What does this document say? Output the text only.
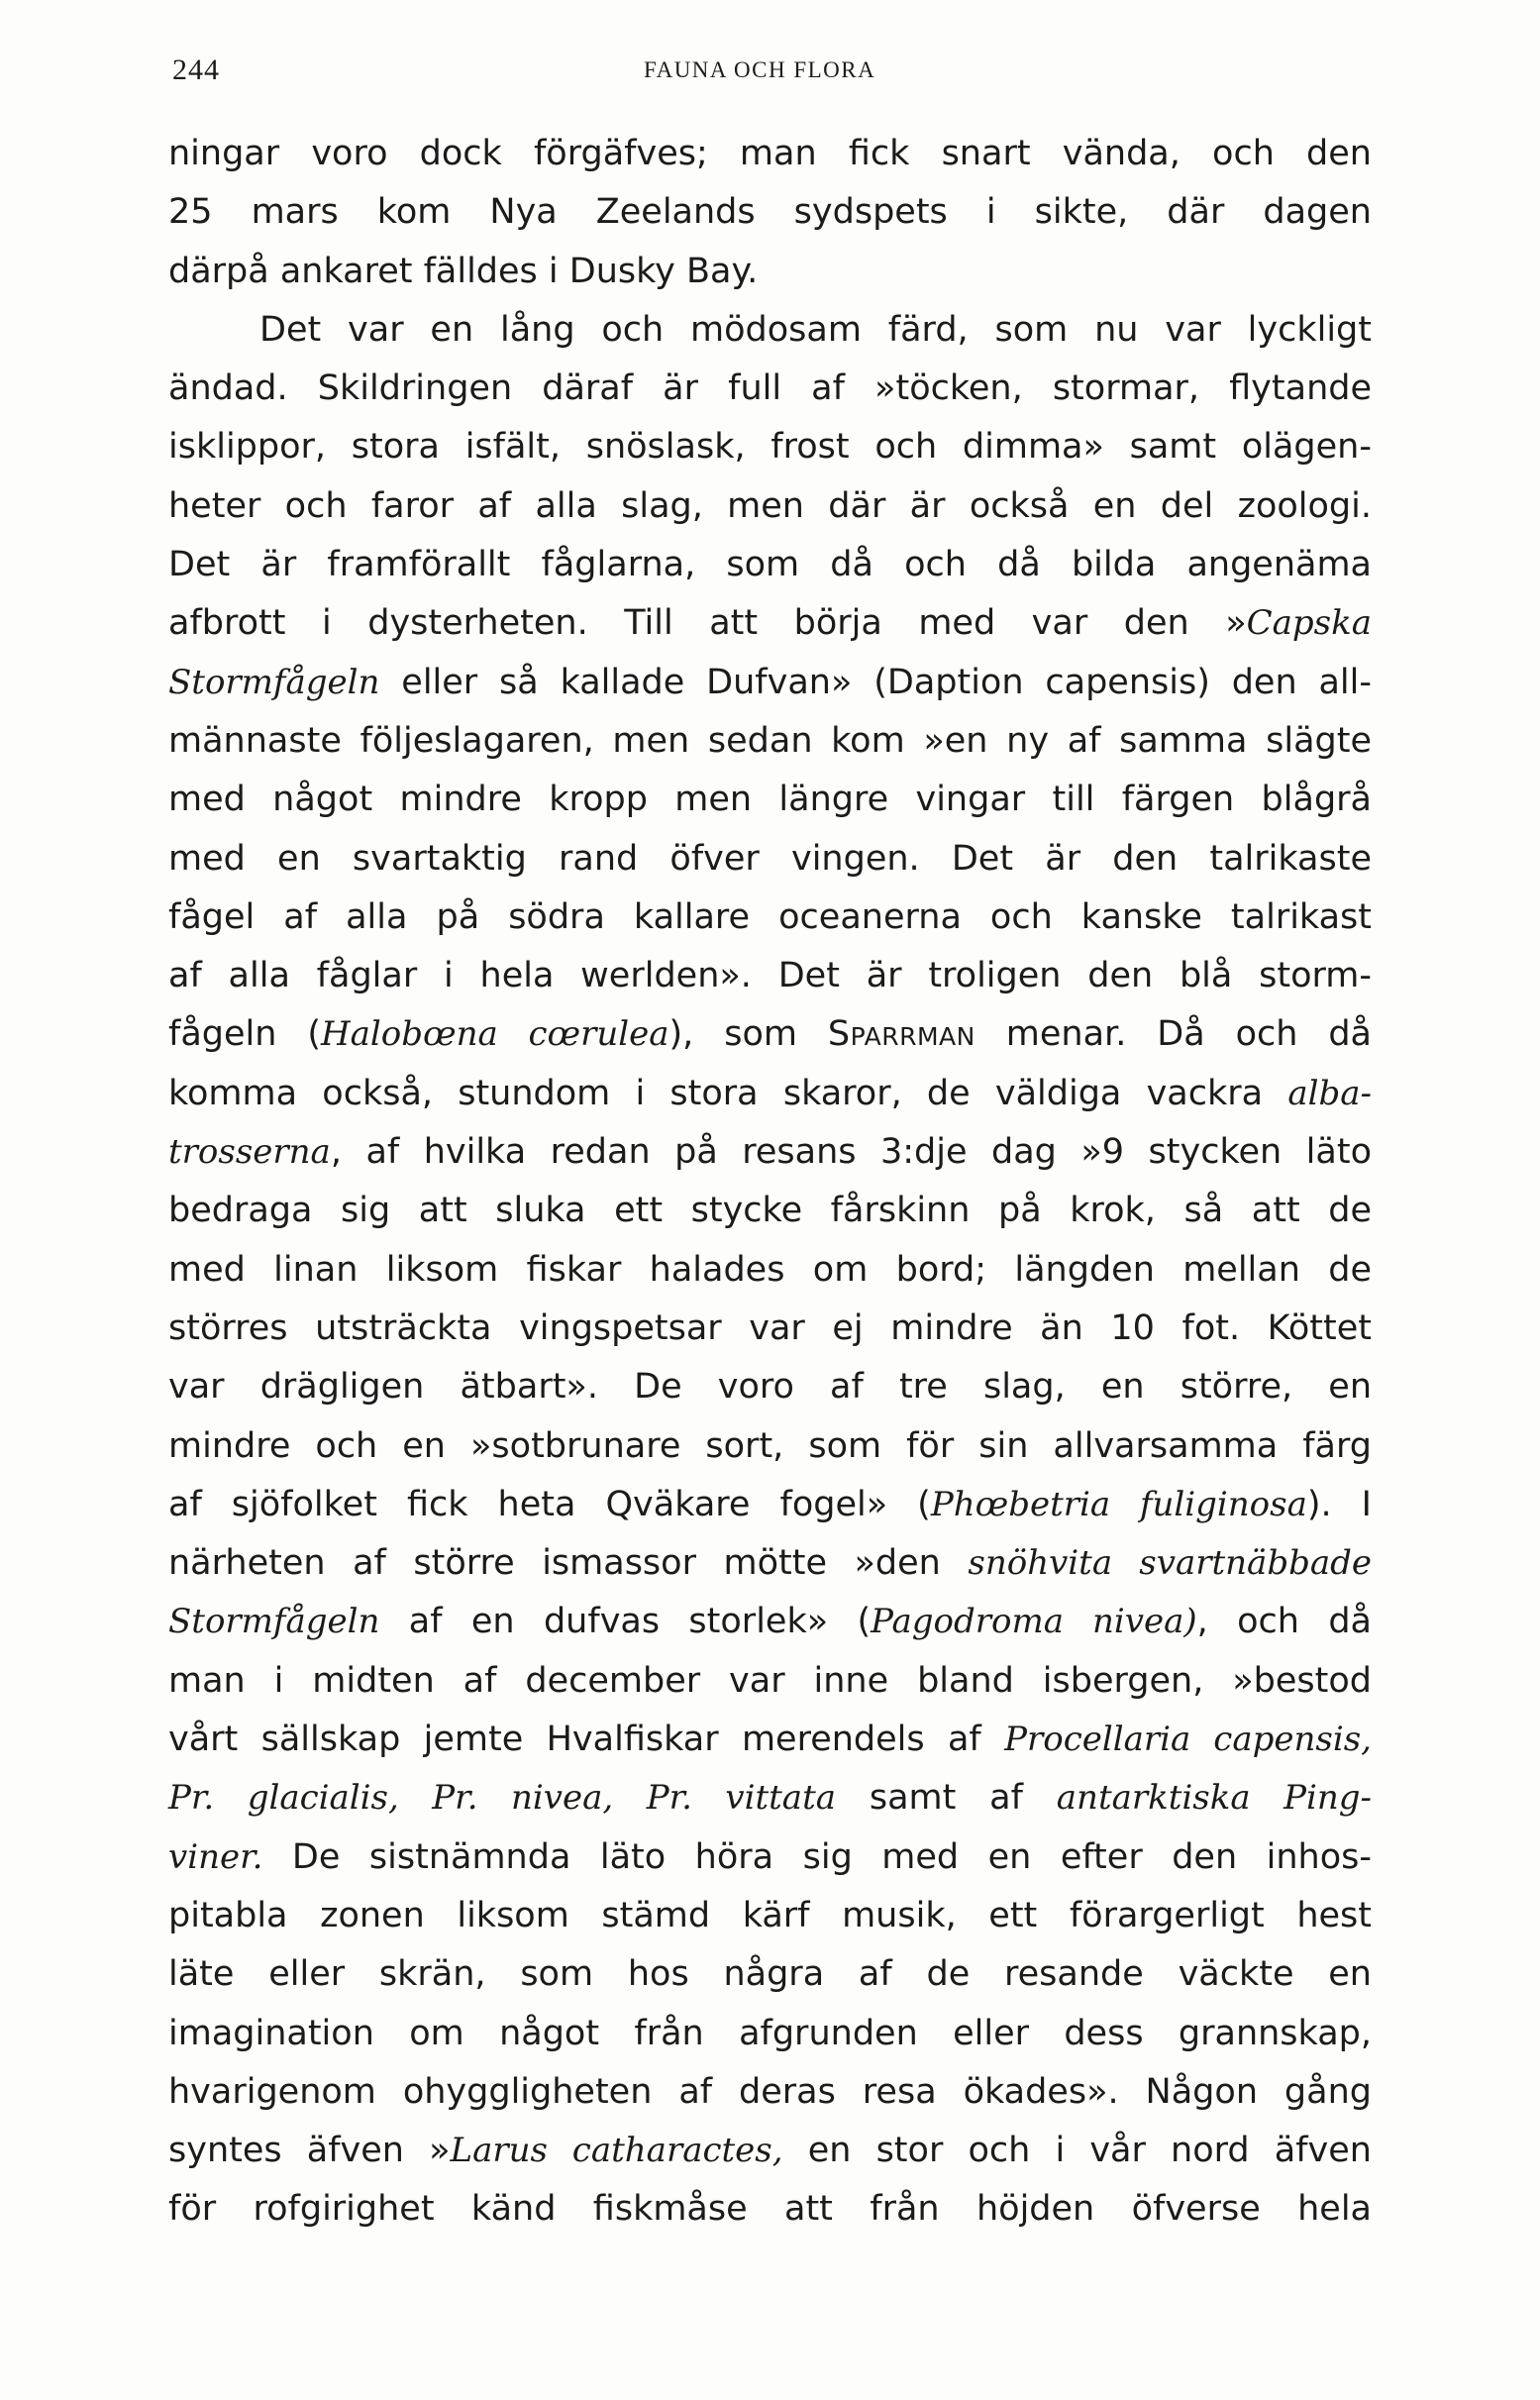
244	FAUNA OCH FLORA
ningar voro dock förgäfves; man fick snart vända, och den
25 mars kom Nya Zeelands sydspets i sikte, där dagen
därpå ankaret fälldes i Dusky Bay.
Det var en lång och mödosam färd, som nu var lyckligt
ändad. Skildringen däraf är full af »töcken, stormar, flytande
isklippor, stora isfält, snöslask, frost och dimma» samt olägen-
heter och faror af alla slag, men där är också en del zoologi.
Det är framförallt fåglarna, som då och då bilda angenäma
afbrott i dysterheten. Till att börja med var den »Capska
Stormfågeln eller så kallade Dufvan» (Daption capensis) den all-
männaste följeslagaren, men sedan kom »en ny af samma slägte
med något mindre kropp men längre vingar till färgen blågrå
med en svartaktig rand öfver vingen. Det är den talrikaste
fågel af alla på södra kallare oceanerna och kanske talrikast
af alla fåglar i hela werlden». Det är troligen den blå storm-
fågeln (Halobœna cœrulea), som Sparrman menar. Då och då
komma också, stundom i stora skaror, de väldiga vackra alba-
trosserna, af hvilka redan på resans 3:dje dag »9 stycken läto
bedraga sig att sluka ett stycke fårskinn på krok, så att de
med linan liksom fiskar halades om bord; längden mellan de
störres utsträckta vingspetsar var ej mindre än 10 fot. Köttet
var drägligen ätbart». De voro af tre slag, en större, en
mindre och en »sotbrunare sort, som för sin allvarsamma färg
af sjöfolket fick heta Qväkare fogel» (Phœbetria fuliginosa). I
närheten af större ismassor mötte »den snöhvita svartnäbbade
Stormfågeln af en dufvas storlek» (Pagodroma nivea), och då
man i midten af december var inne bland isbergen, »bestod
vårt sällskap jemte Hvalfiskar merendels af Procellaria capensis,
Pr. glacialis, Pr. nivea, Pr. vittata samt af antarktiska Ping-
viner. De sistnämnda läto höra sig med en efter den inhos-
pitabla zonen liksom stämd kärf musik, ett förargerligt hest
läte eller skrän, som hos några af de resande väckte en
imagination om något från afgrunden eller dess grannskap,
hvarigenom ohyggligheten af deras resa ökades». Någon gång
syntes äfven »Larus catharactes, en stor och i vår nord äfven
för rofgirighet känd fiskmåse att från höjden öfverse hela
